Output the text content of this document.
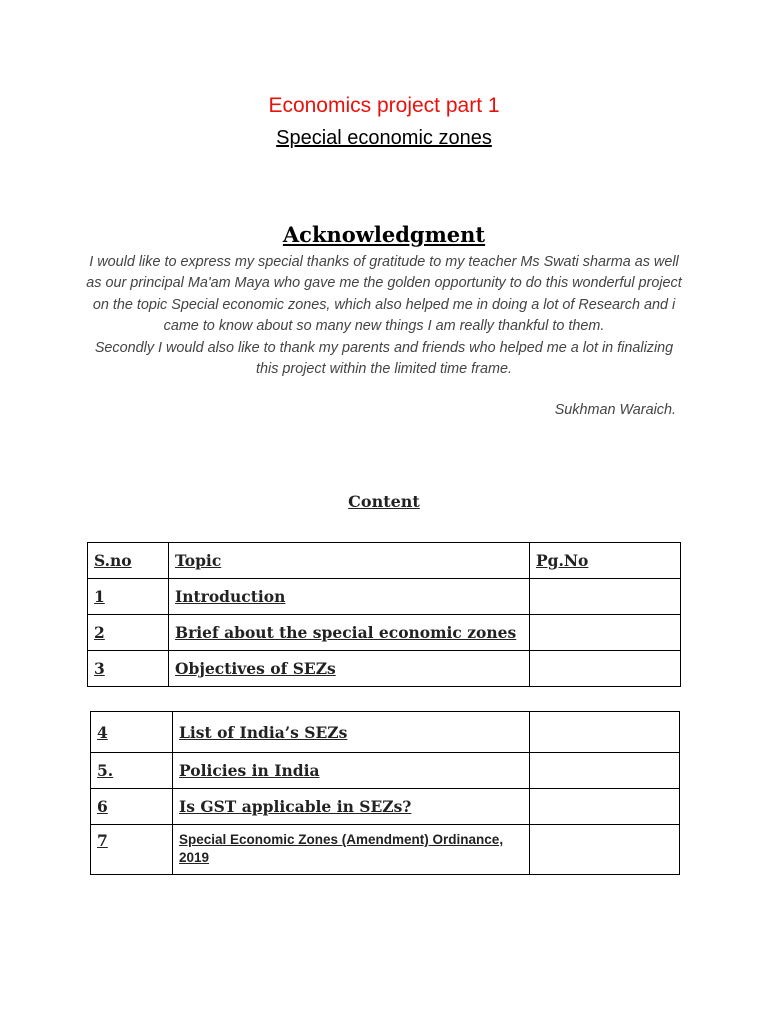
Economics project part 1
Special economic zones
Acknowledgment

I would like to express my special thanks of gratitude to my teacher Ms Swati sharma as well as our principal Ma'am Maya who gave me the golden opportunity to do this wonderful project on the topic Special economic zones, which also helped me in doing a lot of Research and i came to know about so many new things I am really thankful to them.

Secondly I would also like to thank my parents and friends who helped me a lot in finalizing this project within the limited time frame.

Sukhman Waraich.
Content
S.no	Topic	Pg.No
1	Introduction	
2	Brief about the special economic zones	
3	Objectives of SEZs	
4	List of India’s SEZs	
5.	Policies in India	
6	Is GST applicable in SEZs?	
7	Special Economic Zones (Amendment) Ordinance, 2019	
